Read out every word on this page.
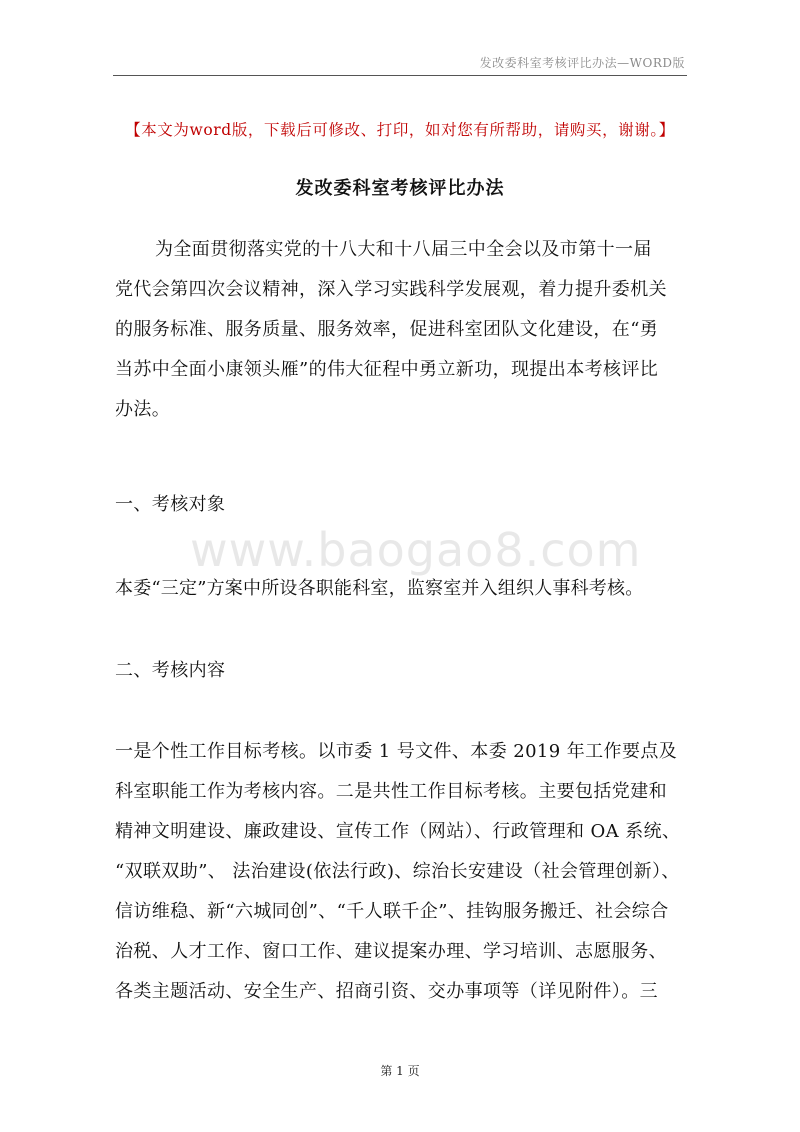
发改委科室考核评比办法—WORD版
【本文为word版，下载后可修改、打印，如对您有所帮助，请购买，谢谢。】
发改委科室考核评比办法
为全面贯彻落实党的十八大和十八届三中全会以及市第十一届
党代会第四次会议精神，深入学习实践科学发展观，着力提升委机关
的服务标准、服务质量、服务效率，促进科室团队文化建设，在“勇
当苏中全面小康领头雁”的伟大征程中勇立新功，现提出本考核评比
办法。
一、考核对象
www.baogao8.com
本委“三定”方案中所设各职能科室，监察室并入组织人事科考核。
二、考核内容
一是个性工作目标考核。以市委 1 号文件、本委 2019 年工作要点及
科室职能工作为考核内容。二是共性工作目标考核。主要包括党建和
精神文明建设、廉政建设、宣传工作（网站）、行政管理和 OA 系统、
“双联双助”、 法治建设(依法行政)、综治长安建设（社会管理创新）、
信访维稳、新“六城同创”、“千人联千企”、挂钩服务搬迁、社会综合
治税、人才工作、窗口工作、建议提案办理、学习培训、志愿服务、
各类主题活动、安全生产、招商引资、交办事项等（详见附件）。三
第 1 页
